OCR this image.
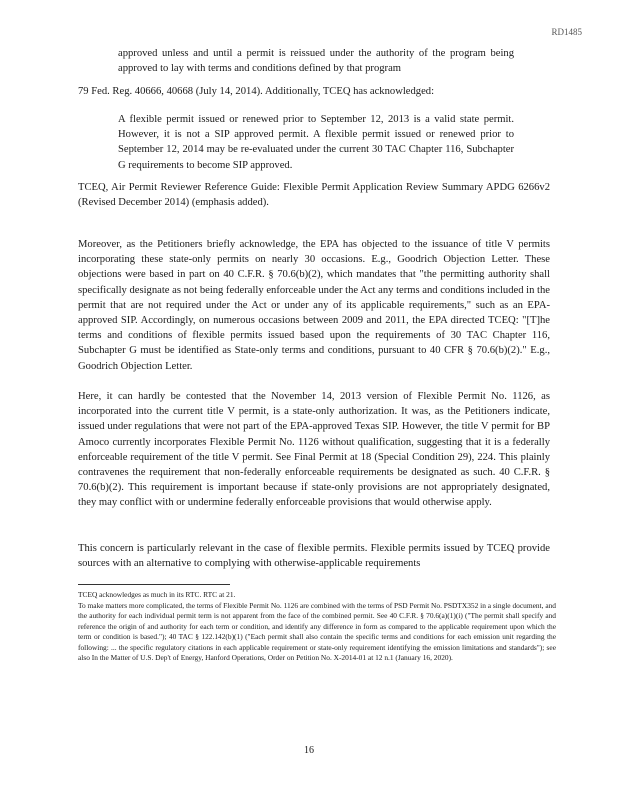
RD1485

approved unless and until a permit is reissued under the authority of the program being approved to lay with terms and conditions defined by that program

79 Fed. Reg. 40666, 40668 (July 14, 2014). Additionally, TCEQ has acknowledged:

A flexible permit issued or renewed prior to September 12, 2013 is a valid state permit. However, it is not a SIP approved permit. A flexible permit issued or renewed prior to September 12, 2014 may be re-evaluated under the current 30 TAC Chapter 116, Subchapter G requirements to become SIP approved.

TCEQ, Air Permit Reviewer Reference Guide: Flexible Permit Application Review Summary APDG 6266v2 (Revised December 2014) (emphasis added).

Moreover, as the Petitioners briefly acknowledge, the EPA has objected to the issuance of title V permits incorporating these state-only permits on nearly 30 occasions. E.g., Goodrich Objection Letter. These objections were based in part on 40 C.F.R. § 70.6(b)(2), which mandates that "the permitting authority shall specifically designate as not being federally enforceable under the Act any terms and conditions included in the permit that are not required under the Act or under any of its applicable requirements," such as an EPA-approved SIP. Accordingly, on numerous occasions between 2009 and 2011, the EPA directed TCEQ: "[T]he terms and conditions of flexible permits issued based upon the requirements of 30 TAC Chapter 116, Subchapter G must be identified as State-only terms and conditions, pursuant to 40 CFR § 70.6(b)(2)." E.g., Goodrich Objection Letter.

Here, it can hardly be contested that the November 14, 2013 version of Flexible Permit No. 1126, as incorporated into the current title V permit, is a state-only authorization. It was, as the Petitioners indicate, issued under regulations that were not part of the EPA-approved Texas SIP. However, the title V permit for BP Amoco currently incorporates Flexible Permit No. 1126 without qualification, suggesting that it is a federally enforceable requirement of the title V permit. See Final Permit at 18 (Special Condition 29), 224. This plainly contravenes the requirement that non-federally enforceable requirements be designated as such. 40 C.F.R. § 70.6(b)(2). This requirement is important because if state-only provisions are not appropriately designated, they may conflict with or undermine federally enforceable provisions that would otherwise apply.

This concern is particularly relevant in the case of flexible permits. Flexible permits issued by TCEQ provide sources with an alternative to complying with otherwise-applicable requirements

TCEQ acknowledges as much in its RTC. RTC at 21.

To make matters more complicated, the terms of Flexible Permit No. 1126 are combined with the terms of PSD Permit No. PSDTX352 in a single document, and the authority for each individual permit term is not apparent from the face of the combined permit. See 40 C.F.R. § 70.6(a)(1)(i) ("The permit shall specify and reference the origin of and authority for each term or condition, and identify any difference in form as compared to the applicable requirement upon which the term or condition is based."); 40 TAC § 122.142(b)(1) ("Each permit shall also contain the specific terms and conditions for each emission unit regarding the following: ... the specific regulatory citations in each applicable requirement or state-only requirement identifying the emission limitations and standards"); see also In the Matter of U.S. Dep't of Energy, Hanford Operations, Order on Petition No. X-2014-01 at 12 n.1 (January 16, 2020).

16
